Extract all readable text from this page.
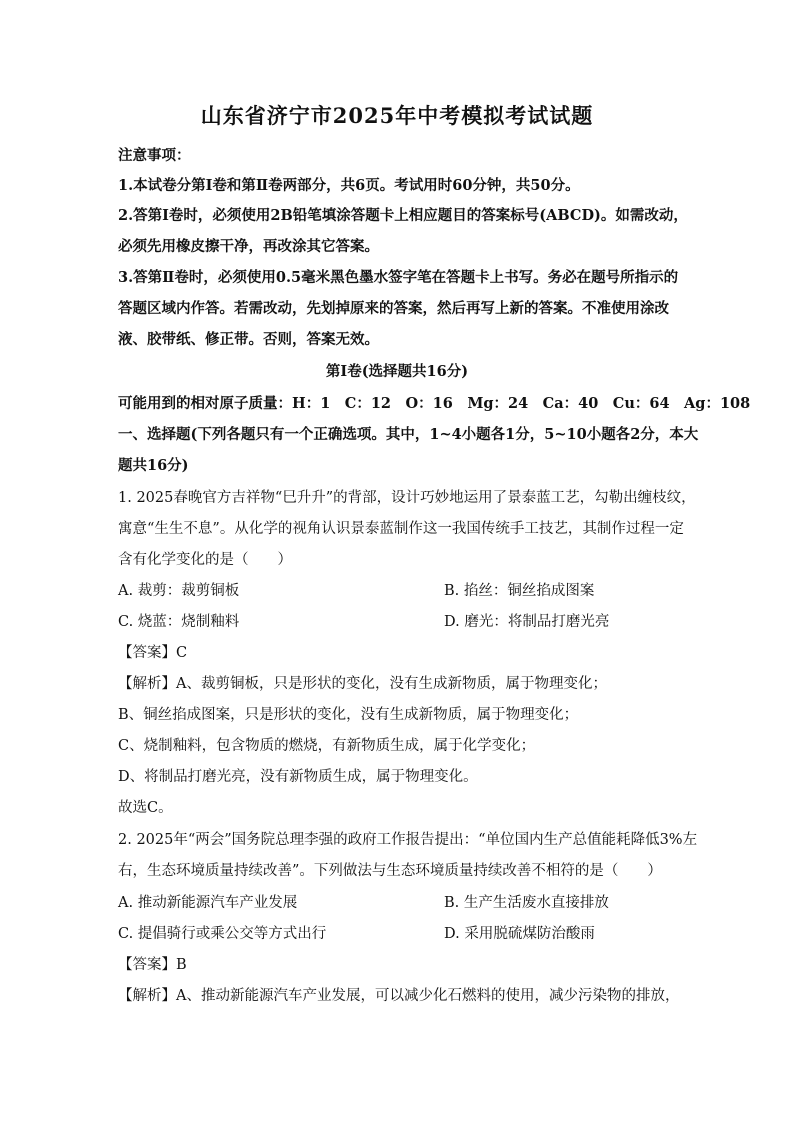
山东省济宁市2025年中考模拟考试试题
注意事项：
1.本试卷分第Ⅰ卷和第Ⅱ卷两部分，共6页。考试用时60分钟，共50分。
2.答第Ⅰ卷时，必须使用2B铅笔填涂答题卡上相应题目的答案标号(ABCD)。如需改动，
必须先用橡皮擦干净，再改涂其它答案。
3.答第Ⅱ卷时，必须使用0.5毫米黑色墨水签字笔在答题卡上书写。务必在题号所指示的
答题区域内作答。若需改动，先划掉原来的答案，然后再写上新的答案。不准使用涂改
液、胶带纸、修正带。否则，答案无效。
第Ⅰ卷(选择题共16分)
可能用到的相对原子质量：H：1　C：12　O：16　Mg：24　Ca：40　Cu：64　Ag：108
一、选择题(下列各题只有一个正确选项。其中，1~4小题各1分，5~10小题各2分，本大
题共16分)
1. 2025春晚官方吉祥物“巳升升”的背部，设计巧妙地运用了景泰蓝工艺，勾勒出缠枝纹，
寓意“生生不息”。从化学的视角认识景泰蓝制作这一我国传统手工技艺，其制作过程一定
含有化学变化的是（　　）
A. 裁剪：裁剪铜板	B. 掐丝：铜丝掐成图案
C. 烧蓝：烧制釉料	D. 磨光：将制品打磨光亮
【答案】C
【解析】A、裁剪铜板，只是形状的变化，没有生成新物质，属于物理变化；
B、铜丝掐成图案，只是形状的变化，没有生成新物质，属于物理变化；
C、烧制釉料，包含物质的燃烧，有新物质生成，属于化学变化；
D、将制品打磨光亮，没有新物质生成，属于物理变化。
故选C。
2. 2025年“两会”国务院总理李强的政府工作报告提出：“单位国内生产总值能耗降低3%左
右，生态环境质量持续改善”。下列做法与生态环境质量持续改善不相符的是（　　）
A. 推动新能源汽车产业发展	B. 生产生活废水直接排放
C. 提倡骑行或乘公交等方式出行	D. 采用脱硫煤防治酸雨
【答案】B
【解析】A、推动新能源汽车产业发展，可以减少化石燃料的使用，减少污染物的排放，
